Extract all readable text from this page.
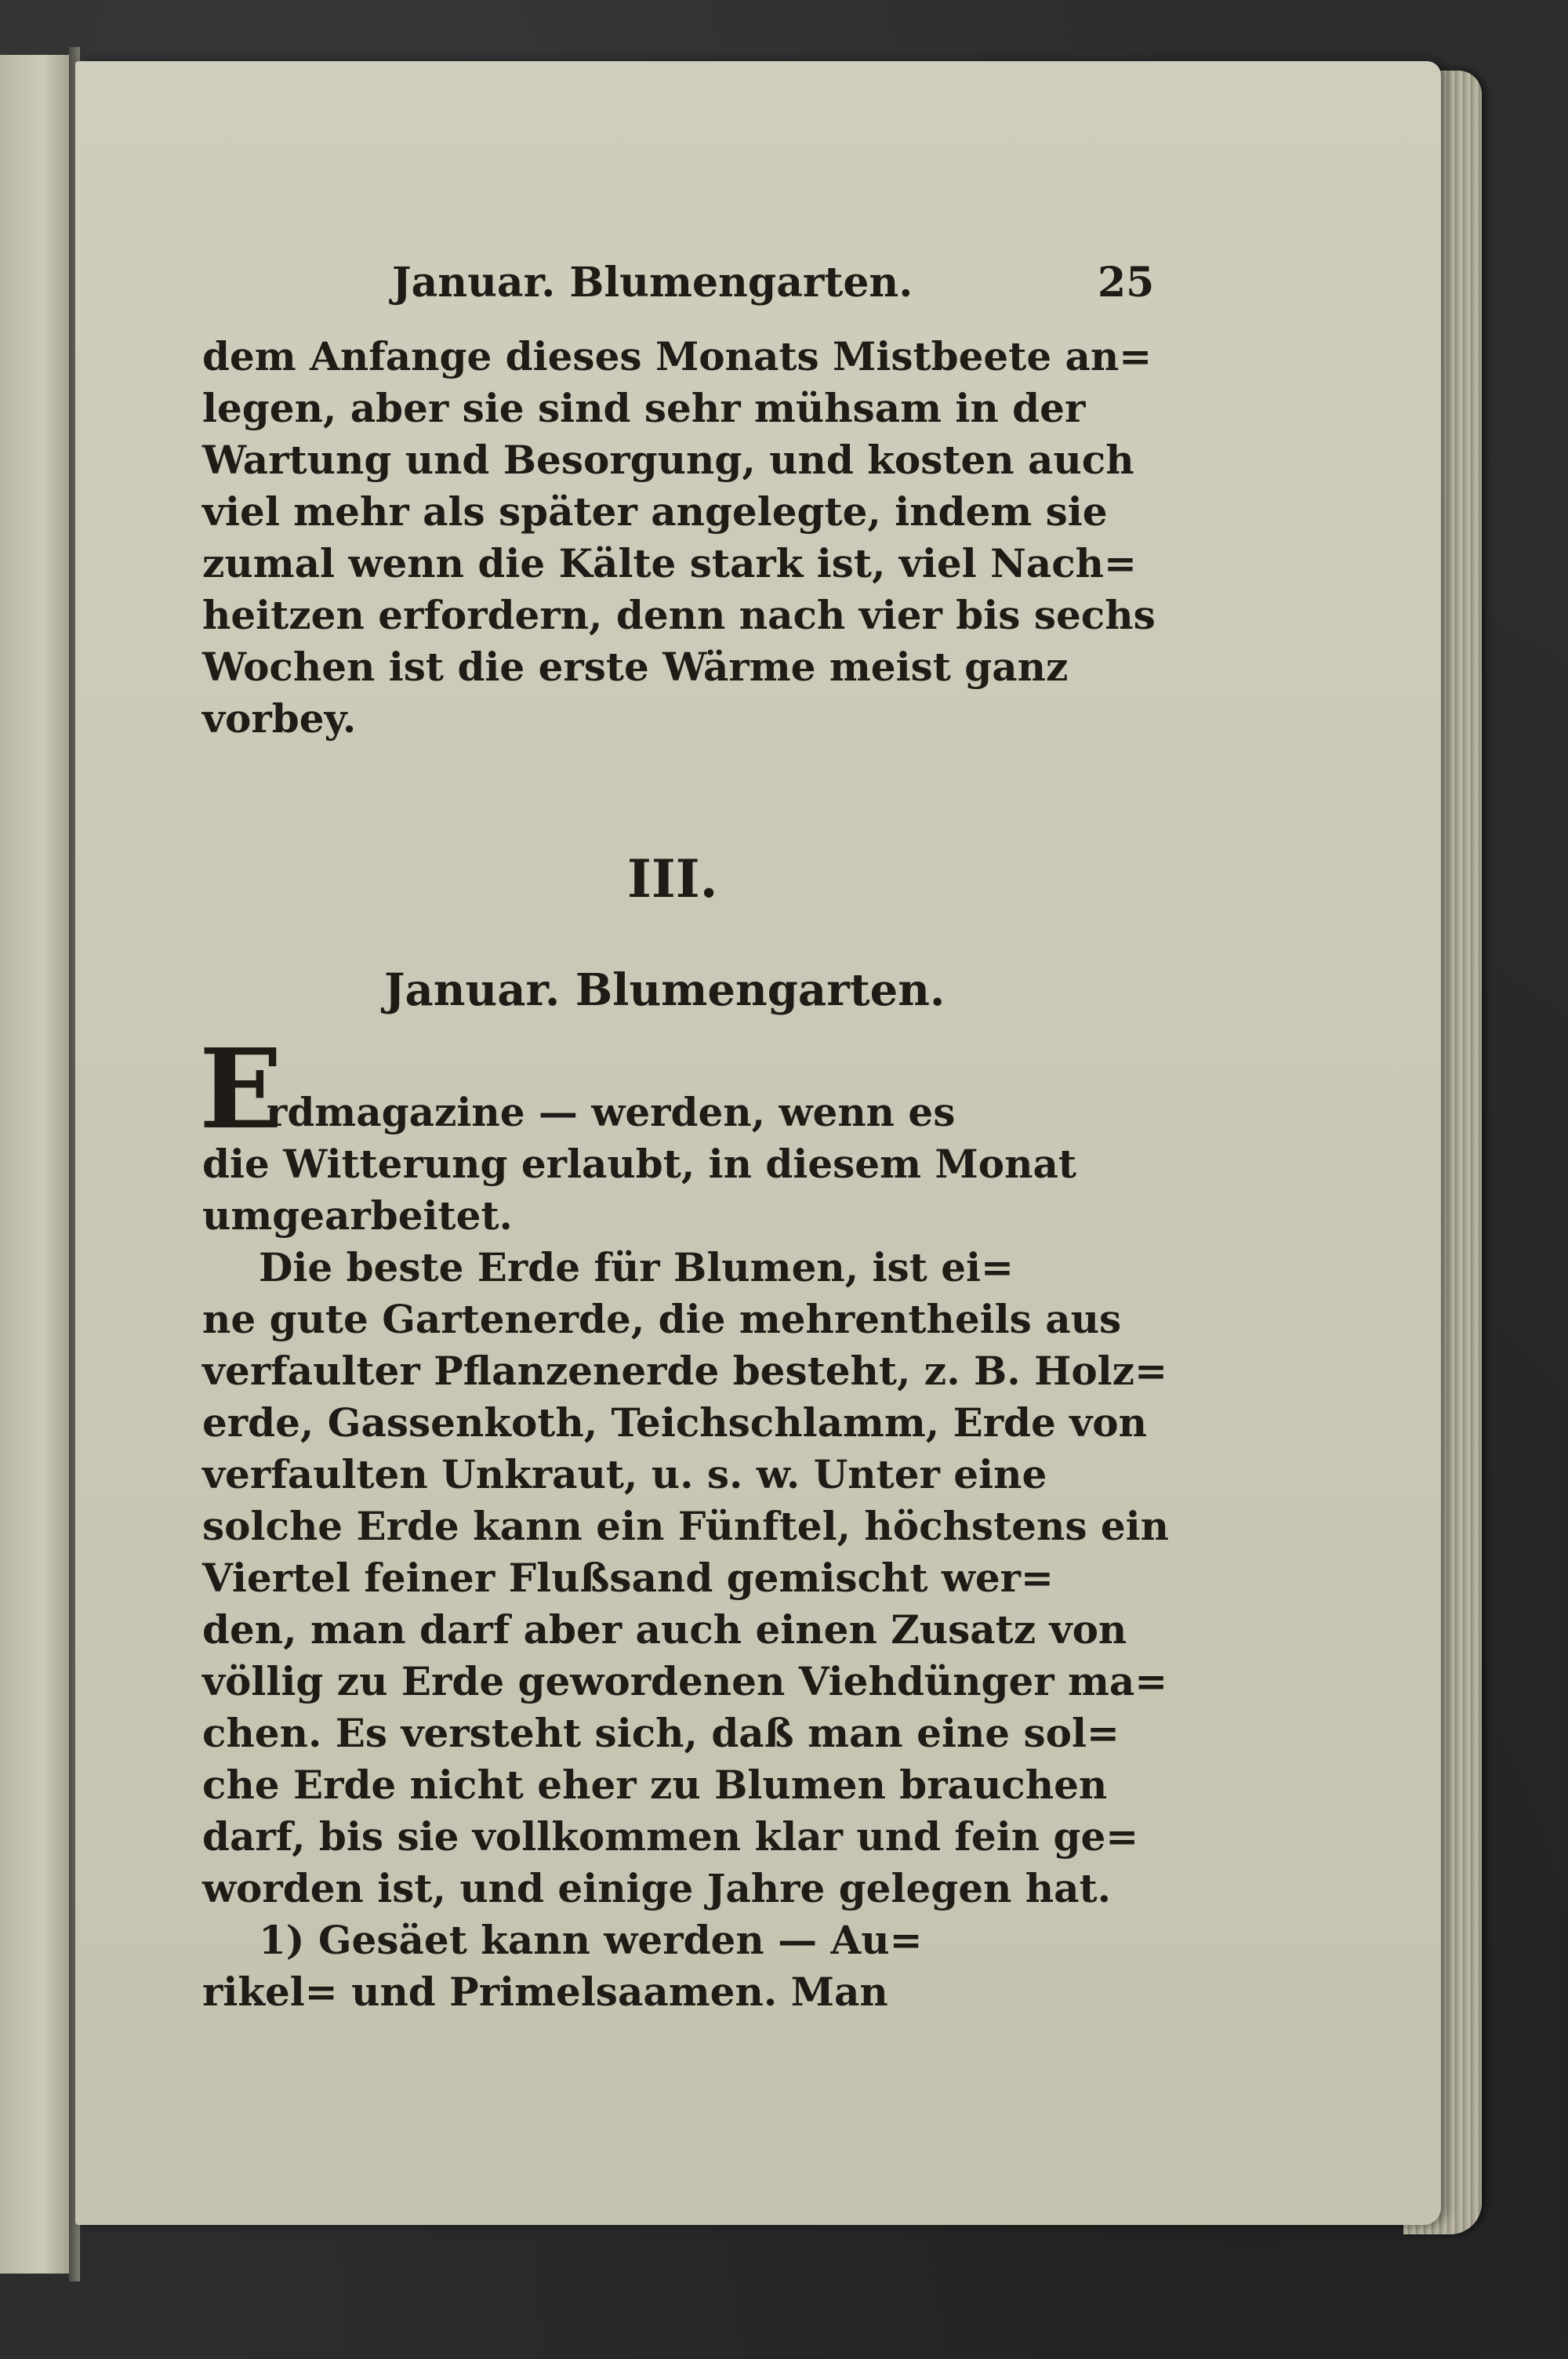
Januar. Blumengarten.	25
dem Anfange dieses Monats Mistbeete an=
legen, aber sie sind sehr mühsam in der
Wartung und Besorgung, und kosten auch
viel mehr als später angelegte, indem sie
zumal wenn die Kälte stark ist, viel Nach=
heitzen erfordern, denn nach vier bis sechs
Wochen ist die erste Wärme meist ganz
vorbey.
III.
Januar. Blumengarten.
E
rdmagazine — werden, wenn es
die Witterung erlaubt, in diesem Monat
umgearbeitet.
Die beste Erde für Blumen, ist ei=
ne gute Gartenerde, die mehrentheils aus
verfaulter Pflanzenerde besteht, z. B. Holz=
erde, Gassenkoth, Teichschlamm, Erde von
verfaulten Unkraut, u. s. w. Unter eine
solche Erde kann ein Fünftel, höchstens ein
Viertel feiner Flußsand gemischt wer=
den, man darf aber auch einen Zusatz von
völlig zu Erde gewordenen Viehdünger ma=
chen. Es versteht sich, daß man eine sol=
che Erde nicht eher zu Blumen brauchen
darf, bis sie vollkommen klar und fein ge=
worden ist, und einige Jahre gelegen hat.
1) Gesäet kann werden — Au=
rikel= und Primelsaamen. Man
